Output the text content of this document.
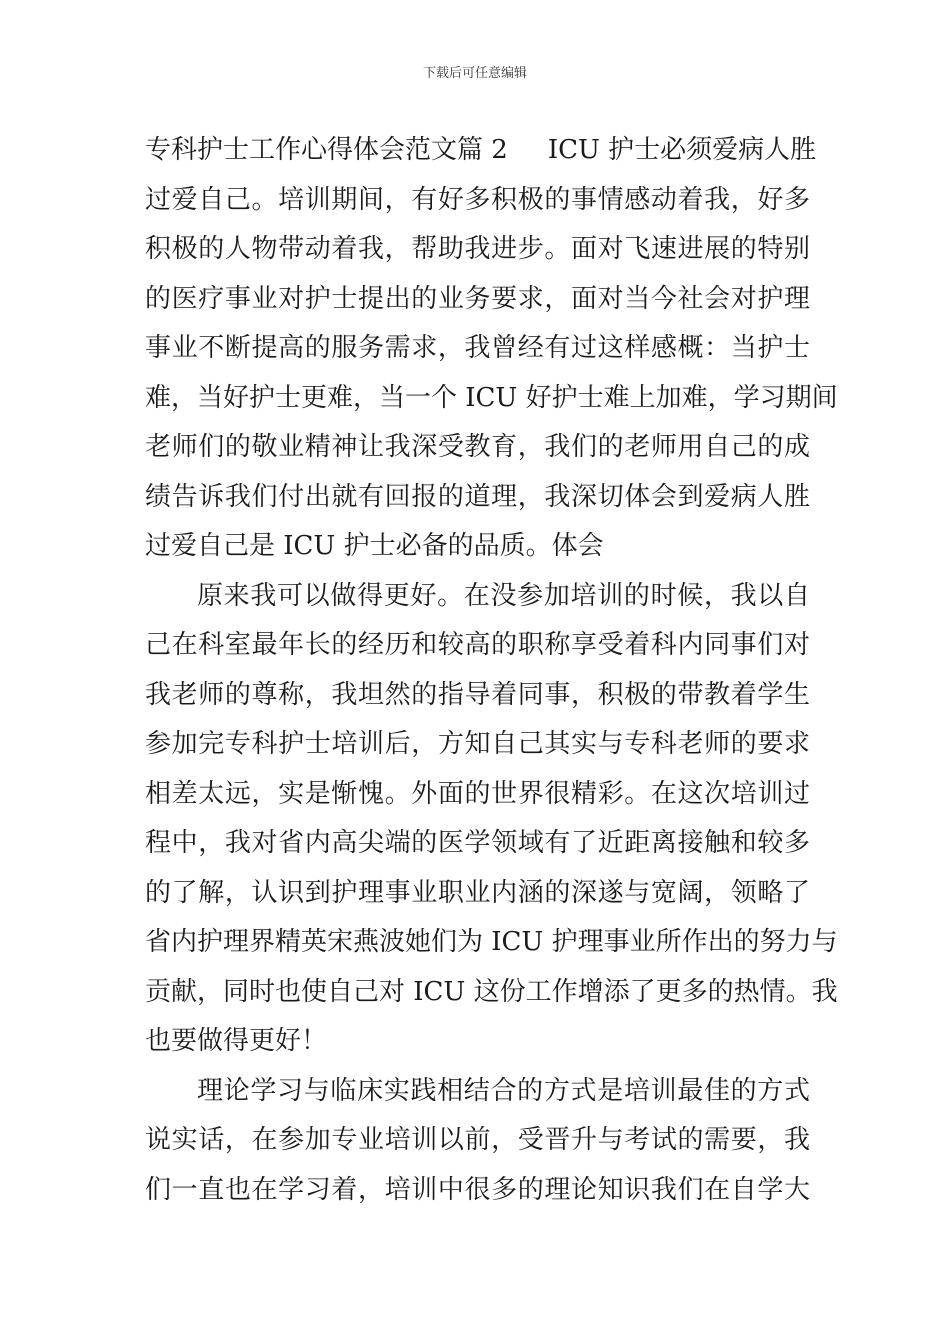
下载后可任意编辑
专科护士工作心得体会范文篇 2 ICU 护士必须爱病人胜
过爱自己。培训期间，有好多积极的事情感动着我，好多
积极的人物带动着我，帮助我进步。面对飞速进展的特别
的医疗事业对护士提出的业务要求，面对当今社会对护理
事业不断提高的服务需求，我曾经有过这样感概：当护士
难，当好护士更难，当一个 ICU 好护士难上加难，学习期间
老师们的敬业精神让我深受教育，我们的老师用自己的成
绩告诉我们付出就有回报的道理，我深切体会到爱病人胜
过爱自己是 ICU 护士必备的品质。体会
原来我可以做得更好。在没参加培训的时候，我以自
己在科室最年长的经历和较高的职称享受着科内同事们对
我老师的尊称，我坦然的指导着同事，积极的带教着学生
参加完专科护士培训后，方知自己其实与专科老师的要求
相差太远，实是惭愧。外面的世界很精彩。在这次培训过
程中，我对省内高尖端的医学领域有了近距离接触和较多
的了解，认识到护理事业职业内涵的深遂与宽阔，领略了
省内护理界精英宋燕波她们为 ICU 护理事业所作出的努力与
贡献，同时也使自己对 ICU 这份工作增添了更多的热情。我
也要做得更好！
理论学习与临床实践相结合的方式是培训最佳的方式
说实话，在参加专业培训以前，受晋升与考试的需要，我
们一直也在学习着，培训中很多的理论知识我们在自学大
